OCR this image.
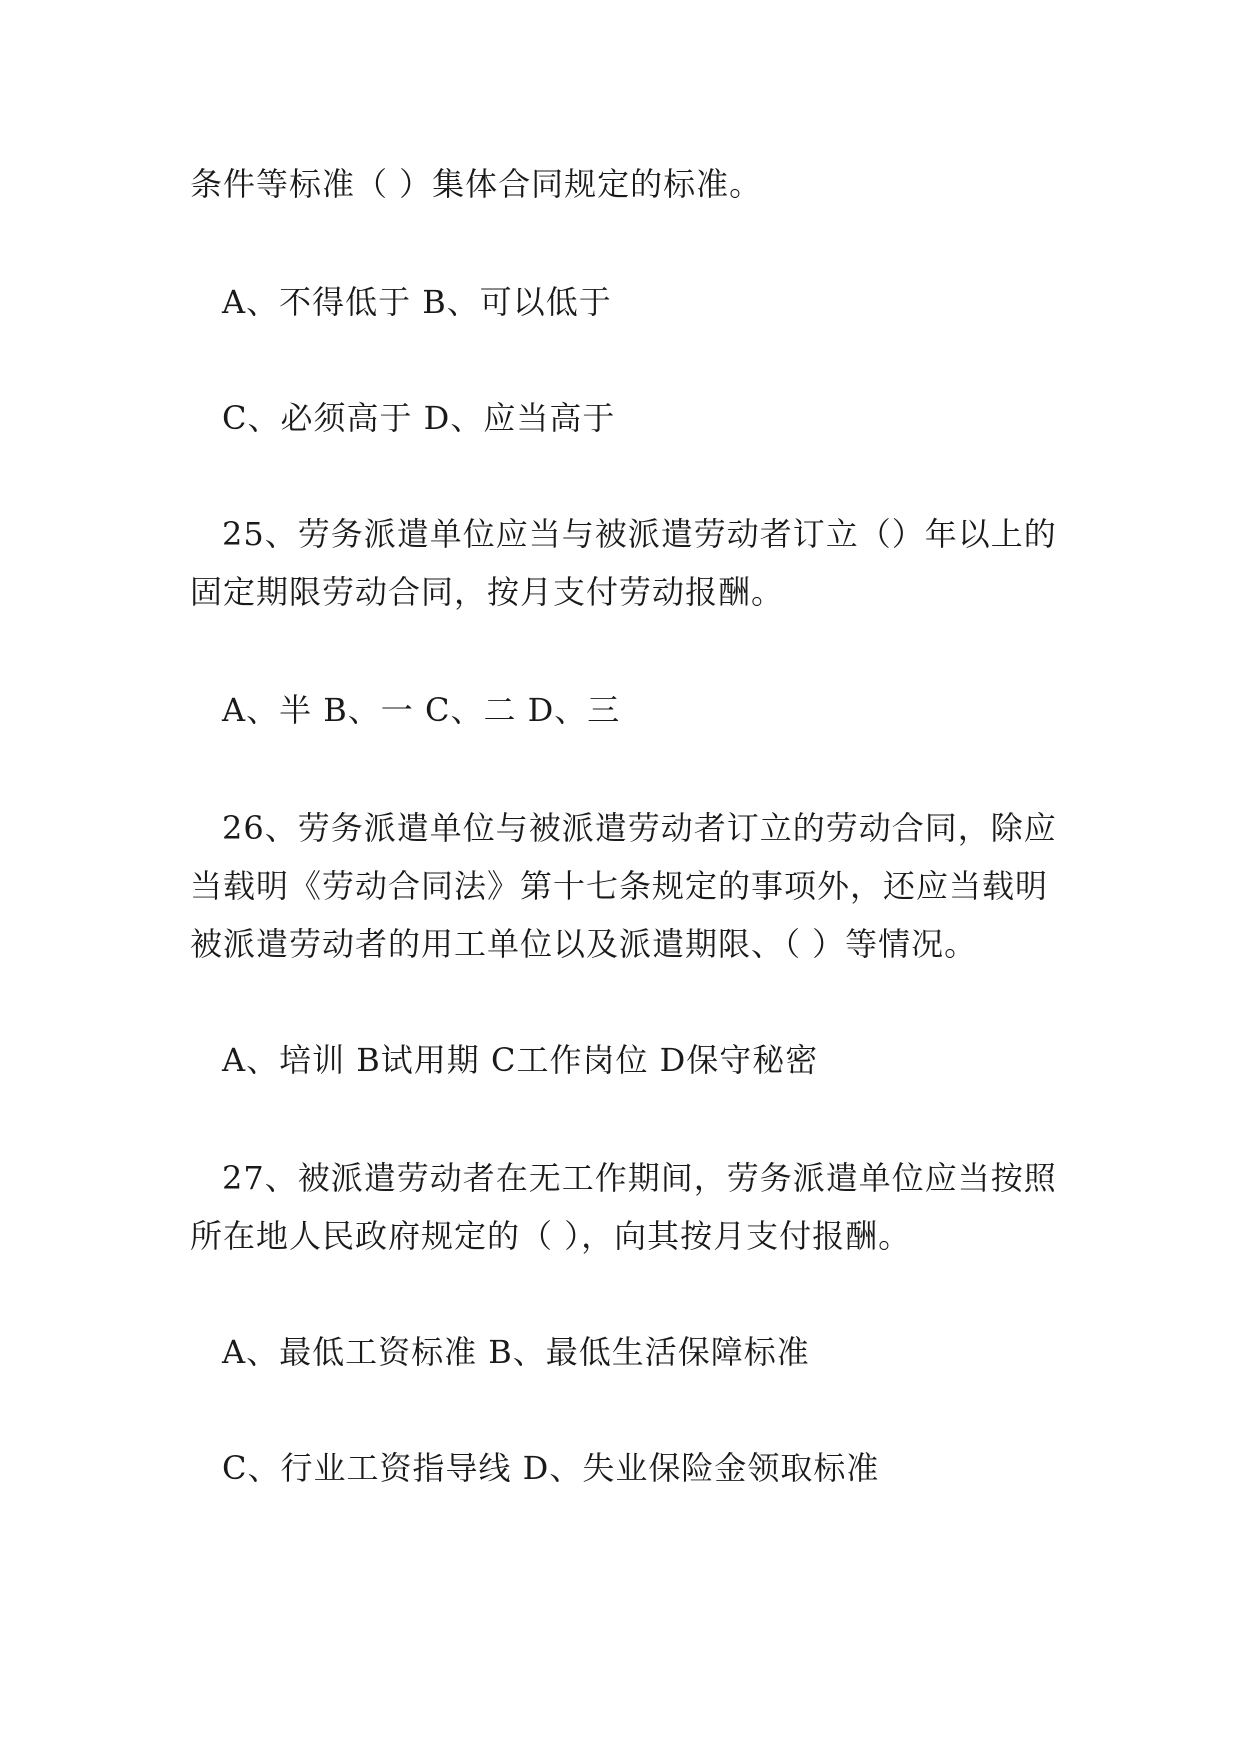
条件等标准（ ）集体合同规定的标准。

A、不得低于 B、可以低于

C、必须高于 D、应当高于

25、劳务派遣单位应当与被派遣劳动者订立（）年以上的

固定期限劳动合同，按月支付劳动报酬。

A、半 B、一 C、二 D、三

26、劳务派遣单位与被派遣劳动者订立的劳动合同，除应

当载明《劳动合同法》第十七条规定的事项外，还应当载明

被派遣劳动者的用工单位以及派遣期限、（ ）等情况。

A、培训 B试用期 C工作岗位 D保守秘密

27、被派遣劳动者在无工作期间，劳务派遣单位应当按照

所在地人民政府规定的（ ），向其按月支付报酬。

A、最低工资标准 B、最低生活保障标准

C、行业工资指导线 D、失业保险金领取标准
